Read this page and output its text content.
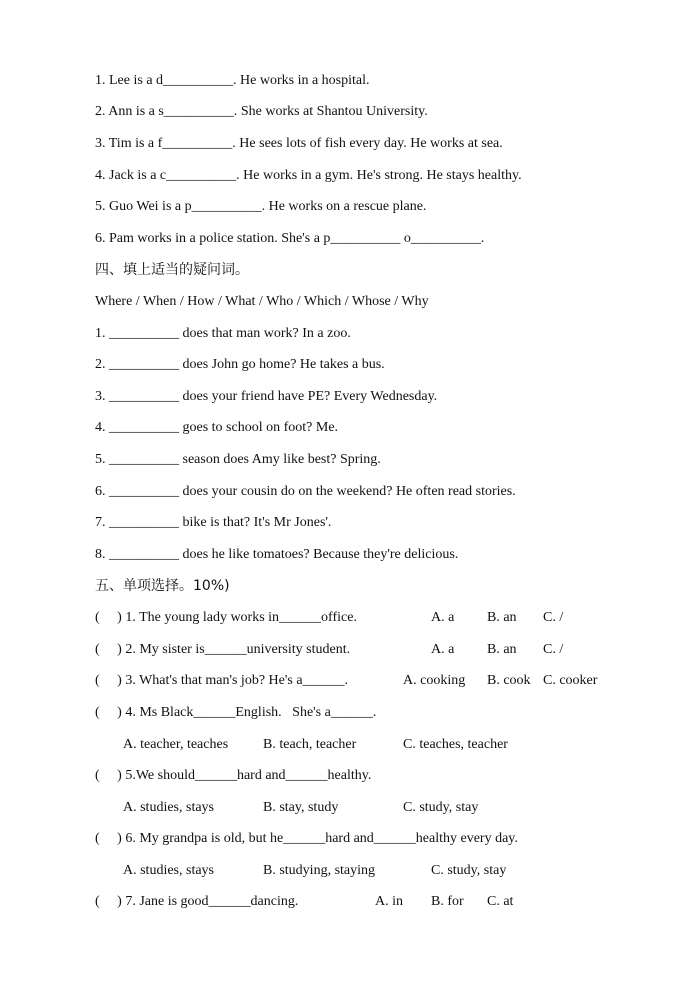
1. Lee is a d__________. He works in a hospital.
2. Ann is a s__________. She works at Shantou University.
3. Tim is a f__________. He sees lots of fish every day. He works at sea.
4. Jack is a c__________. He works in a gym. He's strong. He stays healthy.
5. Guo Wei is a p__________. He works on a rescue plane.
6. Pam works in a police station. She's a p__________ o__________.
四、填上适当的疑问词。
Where / When / How / What / Who / Which / Whose / Why
1. __________ does that man work? In a zoo.
2. __________ does John go home? He takes a bus.
3. __________ does your friend have PE? Every Wednesday.
4. __________ goes to school on foot? Me.
5. __________ season does Amy like best? Spring.
6. __________ does your cousin do on the weekend? He often read stories.
7. __________ bike is that? It's Mr Jones'.
8. __________ does he like tomatoes? Because they're delicious.
五、单项选择。10%)
(     ) 1. The young lady works in______office.	A. a B. an C. /
(     ) 2. My sister is______university student.	A. a B. an C. /
(     ) 3. What's that man's job? He's a______.	A. cooking B. cook C. cooker
(     ) 4. Ms Black______English.   She's a______.
A. teacher, teaches B. teach, teacher	C. teaches, teacher
(     ) 5.We should______hard and______healthy.
A. studies, stays	B. stay, study	C. study, stay
(     ) 6. My grandpa is old, but he______hard and______healthy every day.
A. studies, stays	B. studying, staying	C. study, stay
(     ) 7. Jane is good______dancing.	A. in B. for C. at
